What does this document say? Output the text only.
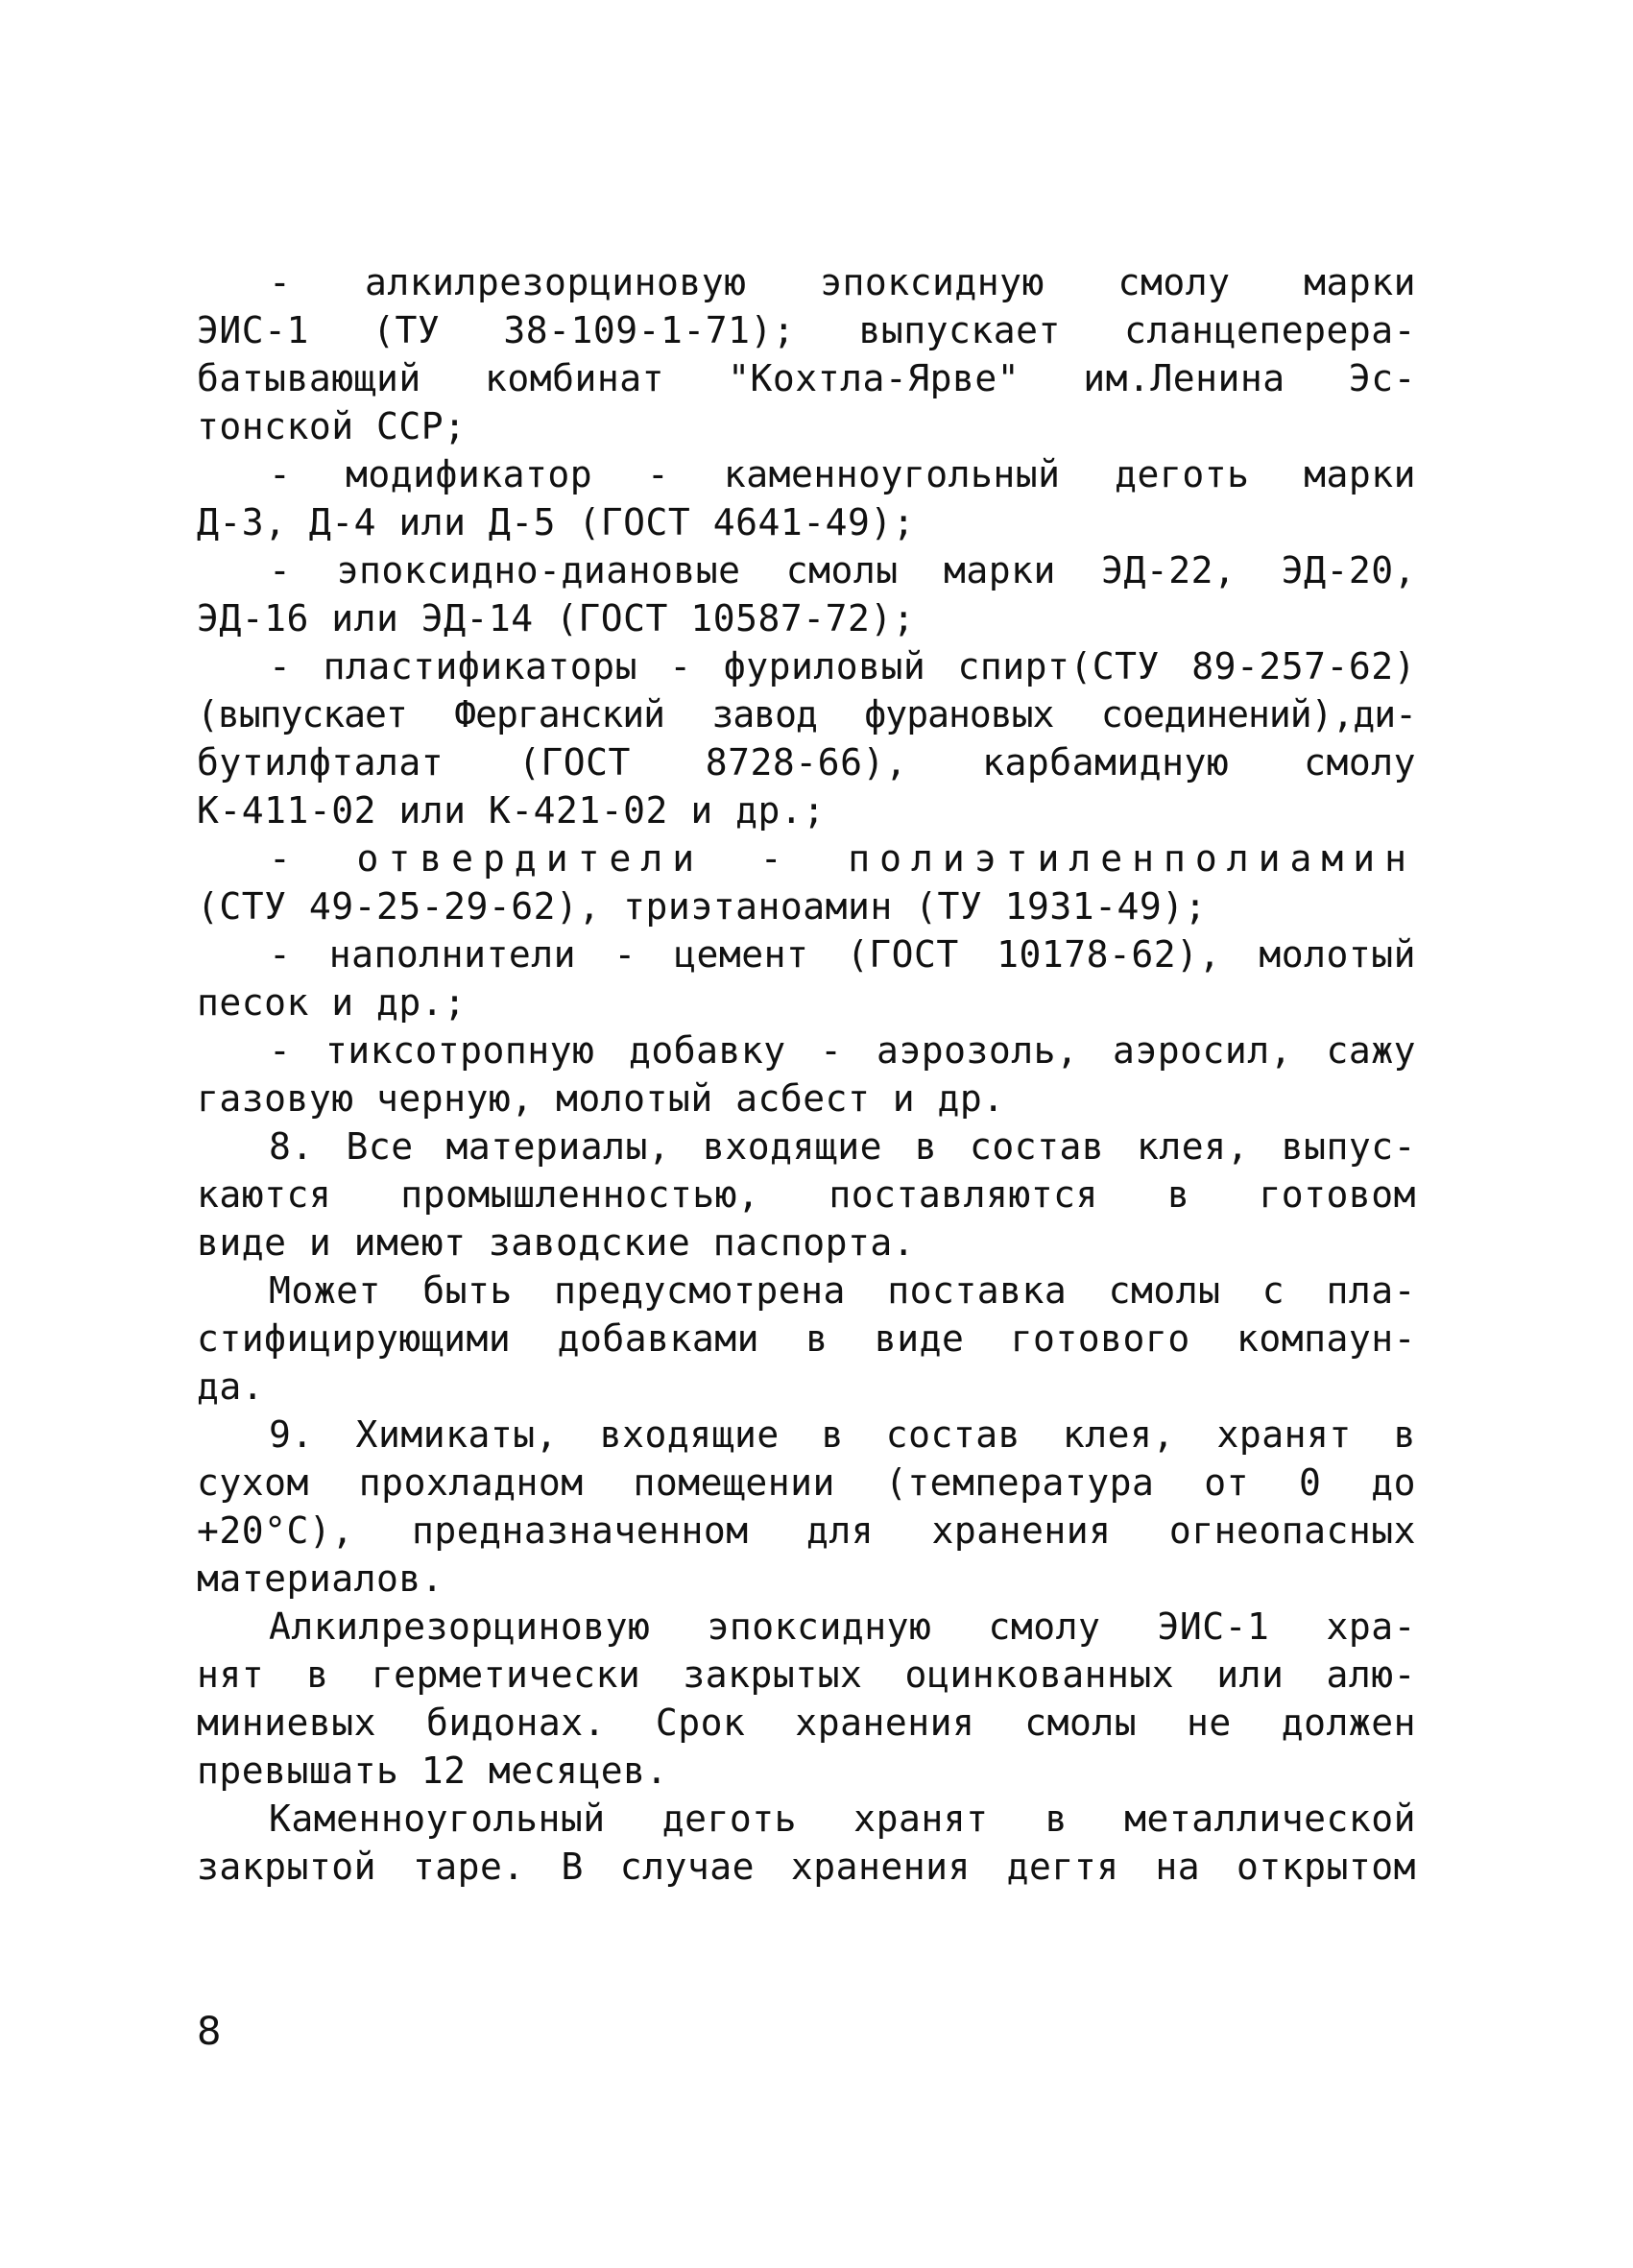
- алкилрезорциновую эпоксидную смолу марки
ЭИС-1 (ТУ 38-109-1-71); выпускает сланцеперера-
батывающий комбинат "Кохтла-Ярве" им.Ленина Эс-
тонской ССР;
- модификатор - каменноугольный деготь марки
Д-3, Д-4 или Д-5 (ГОСТ 4641-49);
- эпоксидно-диановые смолы марки ЭД-22, ЭД-20,
ЭД-16 или ЭД-14 (ГОСТ 10587-72);
- пластификаторы - фуриловый спирт(СТУ 89-257-62)
(выпускает Ферганский завод фурановых соединений),ди-
бутилфталат (ГОСТ 8728-66), карбамидную смолу
К-411-02 или К-421-02 и др.;
- отвердители - полиэтиленполиамин
(СТУ 49-25-29-62), триэтаноамин (ТУ 1931-49);
- наполнители - цемент (ГОСТ 10178-62), молотый
песок и др.;
- тиксотропную добавку - аэрозоль, аэросил, сажу
газовую черную, молотый асбест и др.
8. Все материалы, входящие в состав клея, выпус-
каются промышленностью, поставляются в готовом
виде и имеют заводские паспорта.
Может быть предусмотрена поставка смолы с пла-
стифицирующими добавками в виде готового компаун-
да.
9. Химикаты, входящие в состав клея, хранят в
сухом прохладном помещении (температура от 0 до
+20°С), предназначенном для хранения огнеопасных
материалов.
Алкилрезорциновую эпоксидную смолу ЭИС-1 хра-
нят в герметически закрытых оцинкованных или алю-
миниевых бидонах. Срок хранения смолы не должен
превышать 12 месяцев.
Каменноугольный деготь хранят в металлической
закрытой таре. В случае хранения дегтя на открытом
8
